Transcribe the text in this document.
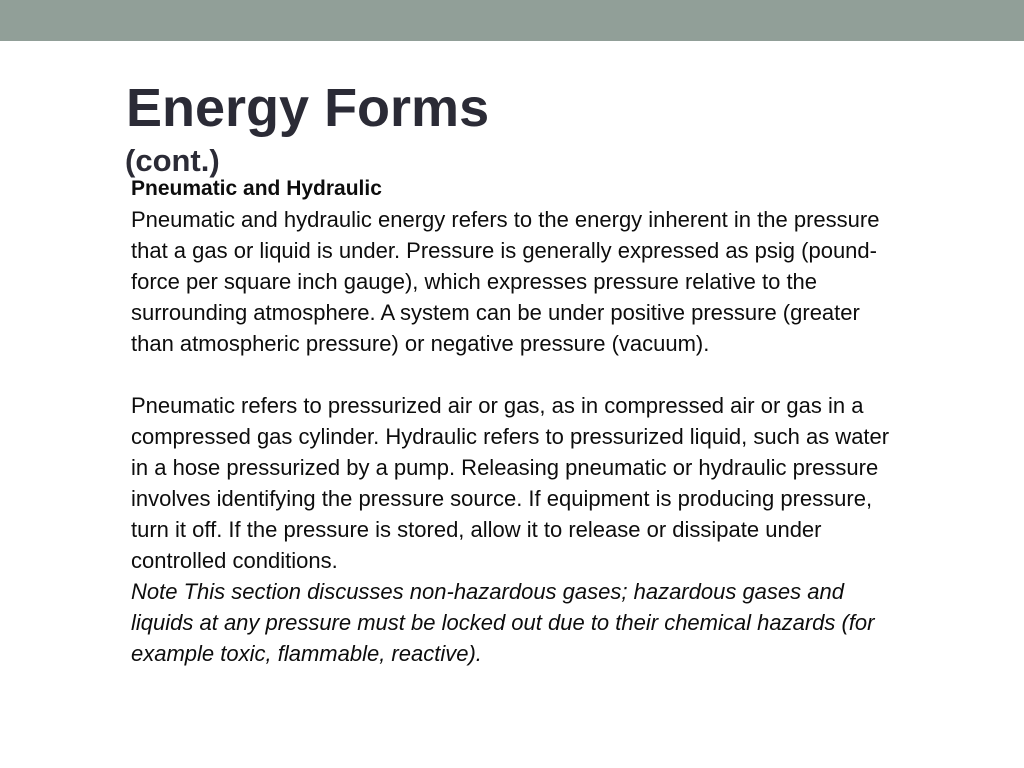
Energy Forms
(cont.)

Pneumatic and Hydraulic

Pneumatic and hydraulic energy refers to the energy inherent in the pressure that a gas or liquid is under. Pressure is generally expressed as psig (pound-force per square inch gauge), which expresses pressure relative to the surrounding atmosphere. A system can be under positive pressure (greater than atmospheric pressure) or negative pressure (vacuum).

Pneumatic refers to pressurized air or gas, as in compressed air or gas in a compressed gas cylinder. Hydraulic refers to pressurized liquid, such as water in a hose pressurized by a pump. Releasing pneumatic or hydraulic pressure involves identifying the pressure source. If equipment is producing pressure, turn it off. If the pressure is stored, allow it to release or dissipate under controlled conditions.

Note This section discusses non-hazardous gases; hazardous gases and liquids at any pressure must be locked out due to their chemical hazards (for example toxic, flammable, reactive).
